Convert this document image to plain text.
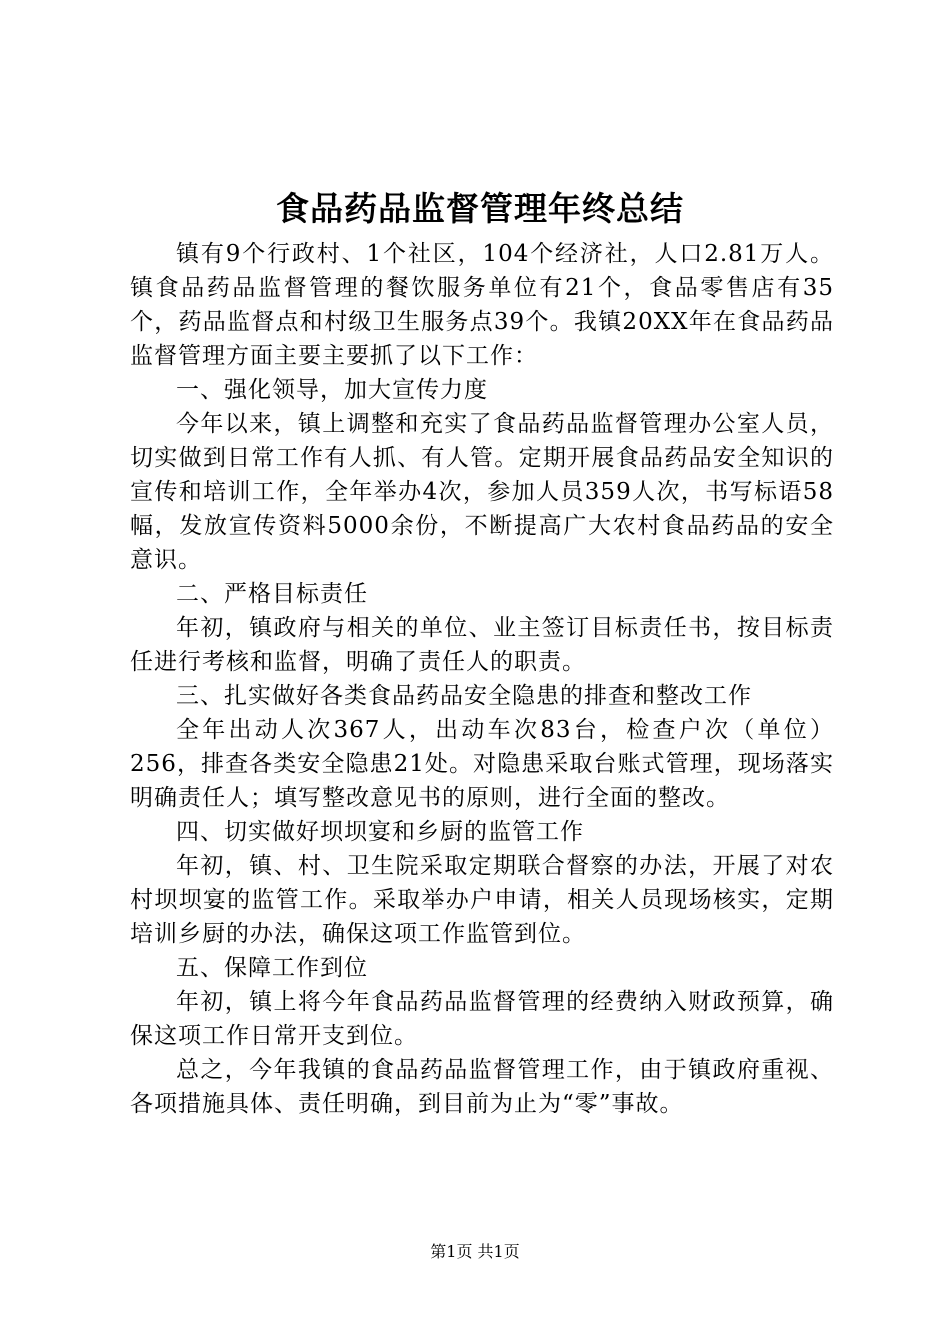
食品药品监督管理年终总结

镇有9个行政村、1个社区，104个经济社，人口2.81万人。镇食品药品监督管理的餐饮服务单位有21个，食品零售店有35个，药品监督点和村级卫生服务点39个。我镇20XX年在食品药品监督管理方面主要主要抓了以下工作：

一、强化领导，加大宣传力度

今年以来，镇上调整和充实了食品药品监督管理办公室人员，切实做到日常工作有人抓、有人管。定期开展食品药品安全知识的宣传和培训工作，全年举办4次，参加人员359人次，书写标语58幅，发放宣传资料5000余份，不断提高广大农村食品药品的安全意识。

二、严格目标责任

年初，镇政府与相关的单位、业主签订目标责任书，按目标责任进行考核和监督，明确了责任人的职责。

三、扎实做好各类食品药品安全隐患的排查和整改工作

全年出动人次367人，出动车次83台，检查户次（单位）256，排查各类安全隐患21处。对隐患采取台账式管理，现场落实明确责任人；填写整改意见书的原则，进行全面的整改。

四、切实做好坝坝宴和乡厨的监管工作

年初，镇、村、卫生院采取定期联合督察的办法，开展了对农村坝坝宴的监管工作。采取举办户申请，相关人员现场核实，定期培训乡厨的办法，确保这项工作监管到位。

五、保障工作到位

年初，镇上将今年食品药品监督管理的经费纳入财政预算，确保这项工作日常开支到位。

总之，今年我镇的食品药品监督管理工作，由于镇政府重视、各项措施具体、责任明确，到目前为止为“零”事故。

第1页 共1页
